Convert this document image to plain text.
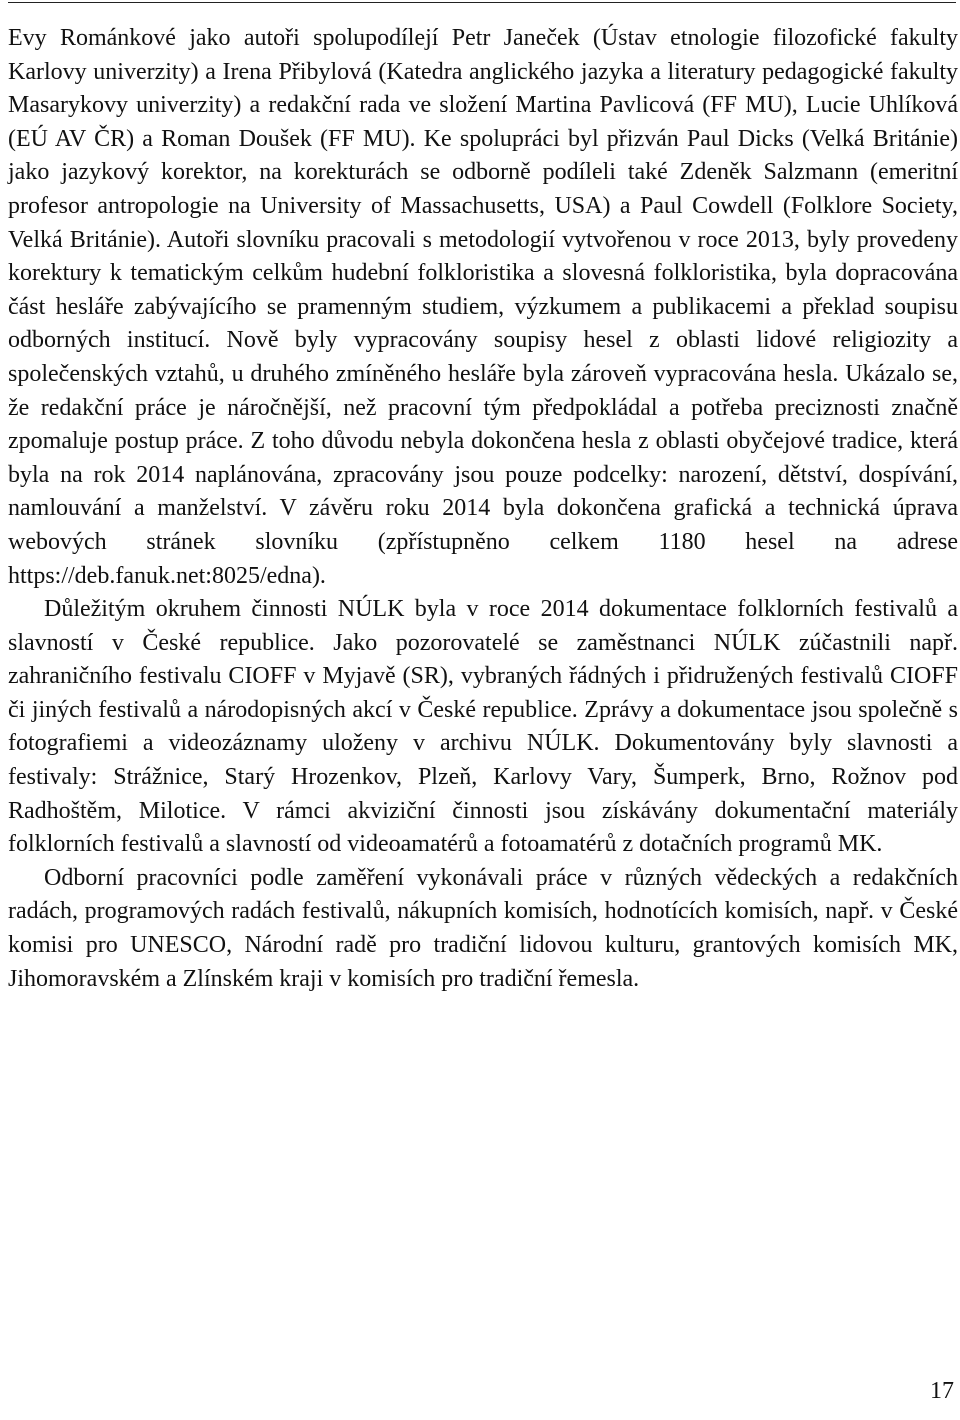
Evy Románkové jako autoři spolupodílejí Petr Janeček (Ústav etnologie filozofické fakulty Karlovy univerzity) a Irena Přibylová (Katedra anglického jazyka a literatury pedagogické fakulty Masarykovy univerzity) a redakční rada ve složení Martina Pavlicová (FF MU), Lucie Uhlíková (EÚ AV ČR) a Roman Doušek (FF MU). Ke spolupráci byl přizván Paul Dicks (Velká Británie) jako jazykový korektor, na korekturách se odborně podíleli také Zdeněk Salzmann (emeritní profesor antropologie na University of Massachusetts, USA) a Paul Cowdell (Folklore Society, Velká Británie). Autoři slovníku pracovali s metodologií vytvořenou v roce 2013, byly provedeny korektury k tematickým celkům hudební folkloristika a slovesná folkloristika, byla dopracována část hesláře zabývajícího se pramenným studiem, výzkumem a publikacemi a překlad soupisu odborných institucí. Nově byly vypracovány soupisy hesel z oblasti lidové religiozity a společenských vztahů, u druhého zmíněného hesláře byla zároveň vypracována hesla. Ukázalo se, že redakční práce je náročnější, než pracovní tým předpokládal a potřeba preciznosti značně zpomaluje postup práce. Z toho důvodu nebyla dokončena hesla z oblasti obyčejové tradice, která byla na rok 2014 naplánována, zpracovány jsou pouze podcelky: narození, dětství, dospívání, namlouvání a manželství. V závěru roku 2014 byla dokončena grafická a technická úprava webových stránek slovníku (zpřístupněno celkem 1180 hesel na adrese https://deb.fanuk.net:8025/edna).

Důležitým okruhem činnosti NÚLK byla v roce 2014 dokumentace folklorních festivalů a slavností v České republice. Jako pozorovatelé se zaměstnanci NÚLK zúčastnili např. zahraničního festivalu CIOFF v Myjavě (SR), vybraných řádných i přidružených festivalů CIOFF či jiných festivalů a národopisných akcí v České republice. Zprávy a dokumentace jsou společně s fotografiemi a videozáznamy uloženy v archivu NÚLK. Dokumentovány byly slavnosti a festivaly: Strážnice, Starý Hrozenkov, Plzeň, Karlovy Vary, Šumperk, Brno, Rožnov pod Radhoštěm, Milotice. V rámci akviziční činnosti jsou získávány dokumentační materiály folklorních festivalů a slavností od videoamatérů a fotoamatérů z dotačních programů MK.

Odborní pracovníci podle zaměření vykonávali práce v různých vědeckých a redakčních radách, programových radách festivalů, nákupních komisích, hodnotících komisích, např. v České komisi pro UNESCO, Národní radě pro tradiční lidovou kulturu, grantových komisích MK, Jihomoravském a Zlínském kraji v komisích pro tradiční řemesla.

17
